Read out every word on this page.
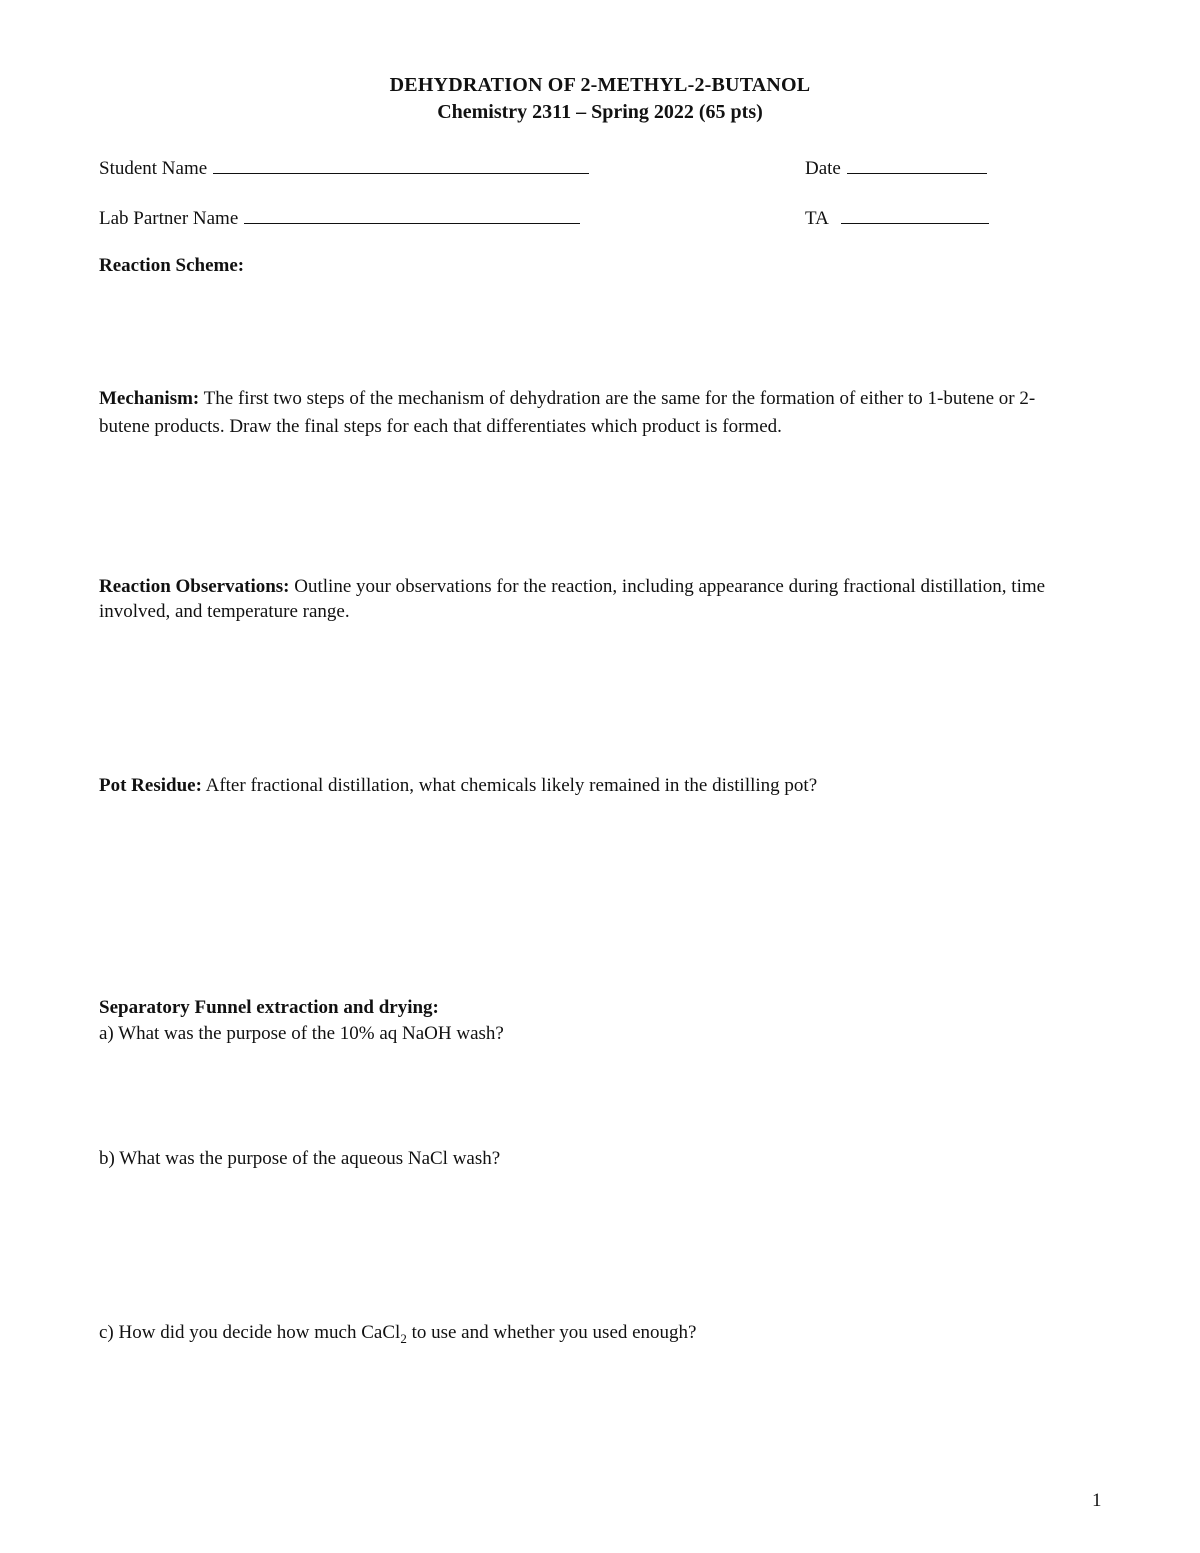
DEHYDRATION OF 2-METHYL-2-BUTANOL
Chemistry 2311 – Spring 2022 (65 pts)
Student Name	Date
Lab Partner Name	TA
Reaction Scheme:
Mechanism: The first two steps of the mechanism of dehydration are the same for the formation of either to 1-butene or 2-butene products. Draw the final steps for each that differentiates which product is formed.
Reaction Observations: Outline your observations for the reaction, including appearance during fractional distillation, time involved, and temperature range.
Pot Residue: After fractional distillation, what chemicals likely remained in the distilling pot?
Separatory Funnel extraction and drying:
a) What was the purpose of the 10% aq NaOH wash?
b) What was the purpose of the aqueous NaCl wash?
c) How did you decide how much CaCl$_2$ to use and whether you used enough?
1
